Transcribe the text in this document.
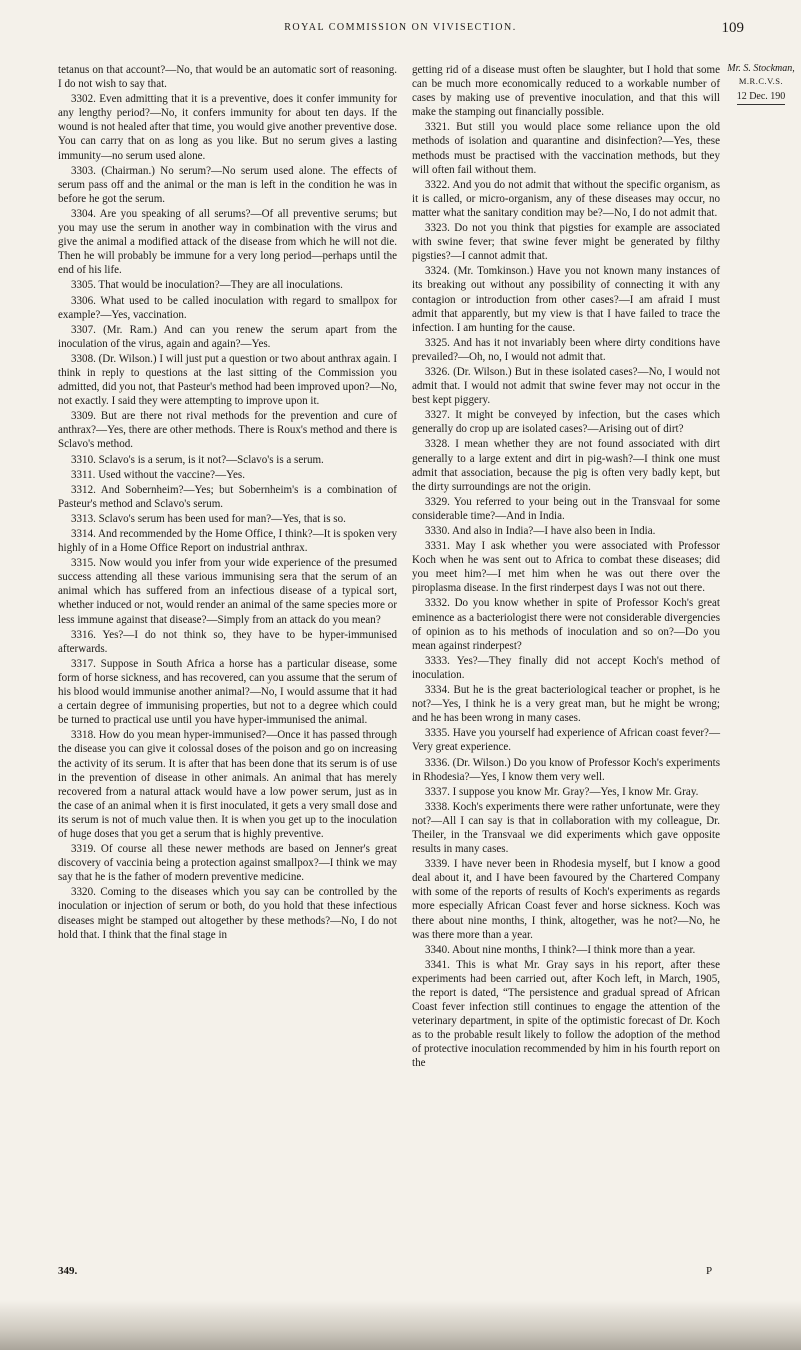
ROYAL COMMISSION ON VIVISECTION.	109

tetanus on that account?—No, that would be an automatic sort of reasoning. I do not wish to say that.

3302. Even admitting that it is a preventive, does it confer immunity for any lengthy period?—No, it confers immunity for about ten days. If the wound is not healed after that time, you would give another preventive dose. You can carry that on as long as you like. But no serum gives a lasting immunity—no serum used alone.

3303. (Chairman.) No serum?—No serum used alone. The effects of serum pass off and the animal or the man is left in the condition he was in before he got the serum.

3304. Are you speaking of all serums?—Of all preventive serums; but you may use the serum in another way in combination with the virus and give the animal a modified attack of the disease from which he will not die. Then he will probably be immune for a very long period—perhaps until the end of his life.

3305. That would be inoculation?—They are all inoculations.

3306. What used to be called inoculation with regard to smallpox for example?—Yes, vaccination.

3307. (Mr. Ram.) And can you renew the serum apart from the inoculation of the virus, again and again?—Yes.

3308. (Dr. Wilson.) I will just put a question or two about anthrax again. I think in reply to questions at the last sitting of the Commission you admitted, did you not, that Pasteur's method had been improved upon?—No, not exactly. I said they were attempting to improve upon it.

3309. But are there not rival methods for the prevention and cure of anthrax?—Yes, there are other methods. There is Roux's method and there is Sclavo's method.

3310. Sclavo's is a serum, is it not?—Sclavo's is a serum.

3311. Used without the vaccine?—Yes.

3312. And Sobernheim?—Yes; but Sobernheim's is a combination of Pasteur's method and Sclavo's serum.

3313. Sclavo's serum has been used for man?—Yes, that is so.

3314. And recommended by the Home Office, I think?—It is spoken very highly of in a Home Office Report on industrial anthrax.

3315. Now would you infer from your wide experience of the presumed success attending all these various immunising sera that the serum of an animal which has suffered from an infectious disease of a typical sort, whether induced or not, would render an animal of the same species more or less immune against that disease?—Simply from an attack do you mean?

3316. Yes?—I do not think so, they have to be hyper-immunised afterwards.

3317. Suppose in South Africa a horse has a particular disease, some form of horse sickness, and has recovered, can you assume that the serum of his blood would immunise another animal?—No, I would assume that it had a certain degree of immunising properties, but not to a degree which could be turned to practical use until you have hyper-immunised the animal.

3318. How do you mean hyper-immunised?—Once it has passed through the disease you can give it colossal doses of the poison and go on increasing the activity of its serum. It is after that has been done that its serum is of use in the prevention of disease in other animals. An animal that has merely recovered from a natural attack would have a low power serum, just as in the case of an animal when it is first inoculated, it gets a very small dose and its serum is not of much value then. It is when you get up to the inoculation of huge doses that you get a serum that is highly preventive.

3319. Of course all these newer methods are based on Jenner's great discovery of vaccinia being a protection against smallpox?—I think we may say that he is the father of modern preventive medicine.

3320. Coming to the diseases which you say can be controlled by the inoculation or injection of serum or both, do you hold that these infectious diseases might be stamped out altogether by these methods?—No, I do not hold that. I think that the final stage in

getting rid of a disease must often be slaughter, but I hold that some can be much more economically reduced to a workable number of cases by making use of preventive inoculation, and that this will make the stamping out financially possible.

3321. But still you would place some reliance upon the old methods of isolation and quarantine and disinfection?—Yes, these methods must be practised with the vaccination methods, but they will often fail without them.

3322. And you do not admit that without the specific organism, as it is called, or micro-organism, any of these diseases may occur, no matter what the sanitary condition may be?—No, I do not admit that.

3323. Do not you think that pigsties for example are associated with swine fever; that swine fever might be generated by filthy pigsties?—I cannot admit that.

3324. (Mr. Tomkinson.) Have you not known many instances of its breaking out without any possibility of connecting it with any contagion or introduction from other cases?—I am afraid I must admit that apparently, but my view is that I have failed to trace the infection. I am hunting for the cause.

3325. And has it not invariably been where dirty conditions have prevailed?—Oh, no, I would not admit that.

3326. (Dr. Wilson.) But in these isolated cases?—No, I would not admit that. I would not admit that swine fever may not occur in the best kept piggery.

3327. It might be conveyed by infection, but the cases which generally do crop up are isolated cases?—Arising out of dirt?

3328. I mean whether they are not found associated with dirt generally to a large extent and dirt in pig-wash?—I think one must admit that association, because the pig is often very badly kept, but the dirty surroundings are not the origin.

3329. You referred to your being out in the Transvaal for some considerable time?—And in India.

3330. And also in India?—I have also been in India.

3331. May I ask whether you were associated with Professor Koch when he was sent out to Africa to combat these diseases; did you meet him?—I met him when he was out there over the piroplasma disease. In the first rinderpest days I was not out there.

3332. Do you know whether in spite of Professor Koch's great eminence as a bacteriologist there were not considerable divergencies of opinion as to his methods of inoculation and so on?—Do you mean against rinderpest?

3333. Yes?—They finally did not accept Koch's method of inoculation.

3334. But he is the great bacteriological teacher or prophet, is he not?—Yes, I think he is a very great man, but he might be wrong; and he has been wrong in many cases.

3335. Have you yourself had experience of African coast fever?—Very great experience.

3336. (Dr. Wilson.) Do you know of Professor Koch's experiments in Rhodesia?—Yes, I know them very well.

3337. I suppose you know Mr. Gray?—Yes, I know Mr. Gray.

3338. Koch's experiments there were rather unfortunate, were they not?—All I can say is that in collaboration with my colleague, Dr. Theiler, in the Transvaal we did experiments which gave opposite results in many cases.

3339. I have never been in Rhodesia myself, but I know a good deal about it, and I have been favoured by the Chartered Company with some of the reports of results of Koch's experiments as regards more especially African Coast fever and horse sickness. Koch was there about nine months, I think, altogether, was he not?—No, he was there more than a year.

3340. About nine months, I think?—I think more than a year.

3341. This is what Mr. Gray says in his report, after these experiments had been carried out, after Koch left, in March, 1905, the report is dated, “The persistence and gradual spread of African Coast fever infection still continues to engage the attention of the veterinary department, in spite of the optimistic forecast of Dr. Koch as to the probable result likely to follow the adoption of the method of protective inoculation recommended by him in his fourth report on the

Mr. S. Stockman,
M.R.C.V.S.
12 Dec. 190
349.	P
